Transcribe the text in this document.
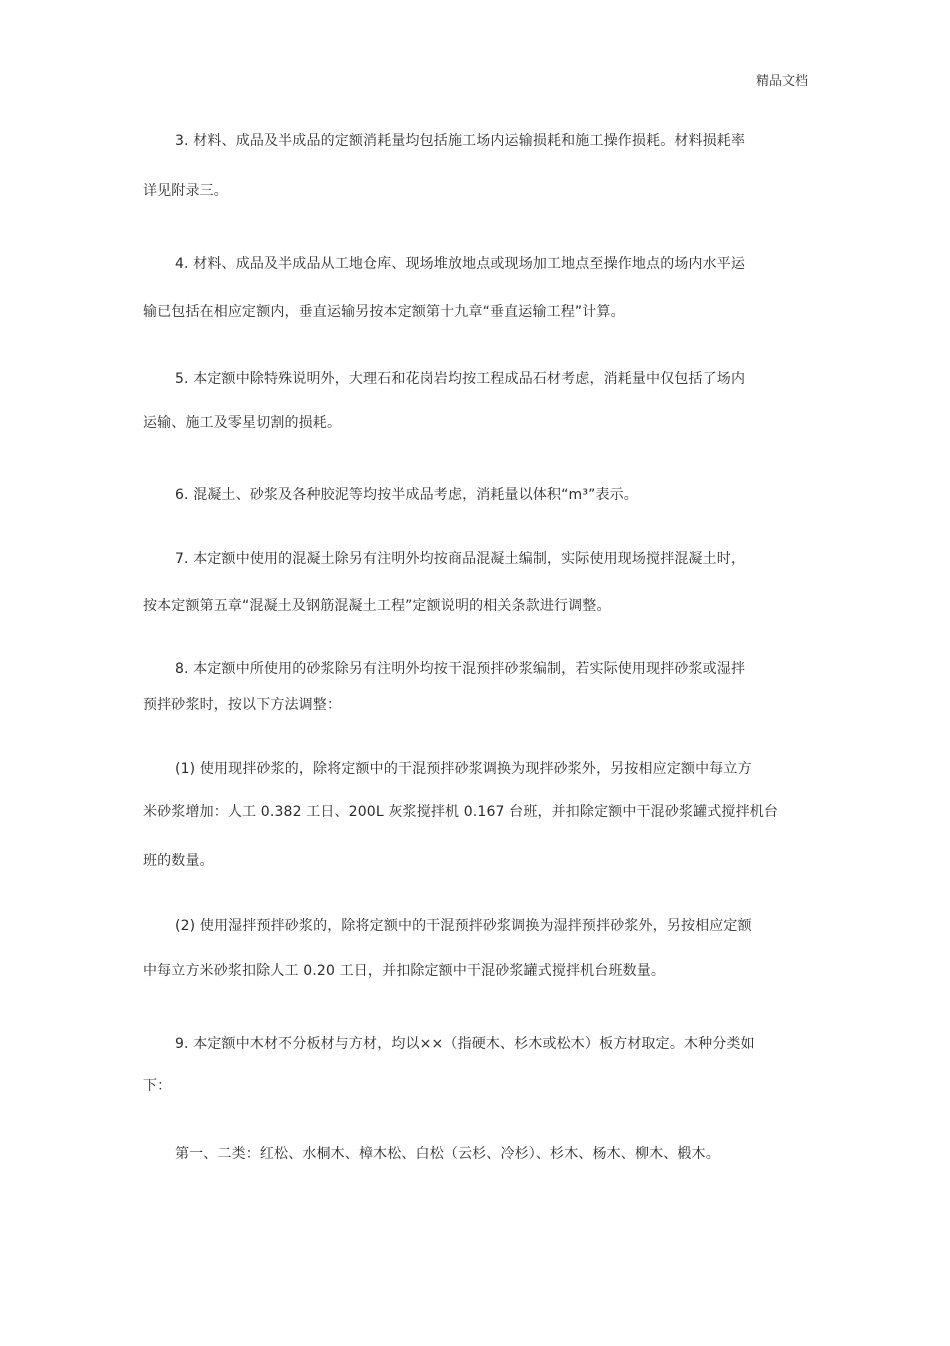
精品文档
3. 材料、成品及半成品的定额消耗量均包括施工场内运输损耗和施工操作损耗。材料损耗率
详见附录三。
4. 材料、成品及半成品从工地仓库、现场堆放地点或现场加工地点至操作地点的场内水平运
输已包括在相应定额内，垂直运输另按本定额第十九章“垂直运输工程”计算。
5. 本定额中除特殊说明外，大理石和花岗岩均按工程成品石材考虑，消耗量中仅包括了场内
运输、施工及零星切割的损耗。
6. 混凝土、砂浆及各种胶泥等均按半成品考虑，消耗量以体积“m³”表示。
7. 本定额中使用的混凝土除另有注明外均按商品混凝土编制，实际使用现场搅拌混凝土时，
按本定额第五章“混凝土及钢筋混凝土工程”定额说明的相关条款进行调整。
8. 本定额中所使用的砂浆除另有注明外均按干混预拌砂浆编制，若实际使用现拌砂浆或湿拌
预拌砂浆时，按以下方法调整：
(1) 使用现拌砂浆的，除将定额中的干混预拌砂浆调换为现拌砂浆外，另按相应定额中每立方
米砂浆增加：人工 0.382 工日、200L 灰浆搅拌机 0.167 台班，并扣除定额中干混砂浆罐式搅拌机台
班的数量。
(2) 使用湿拌预拌砂浆的，除将定额中的干混预拌砂浆调换为湿拌预拌砂浆外，另按相应定额
中每立方米砂浆扣除人工 0.20 工日，并扣除定额中干混砂浆罐式搅拌机台班数量。
9. 本定额中木材不分板材与方材，均以××（指硬木、杉木或松木）板方材取定。木种分类如
下：
第一、二类：红松、水桐木、樟木松、白松（云杉、冷杉）、杉木、杨木、柳木、椴木。
